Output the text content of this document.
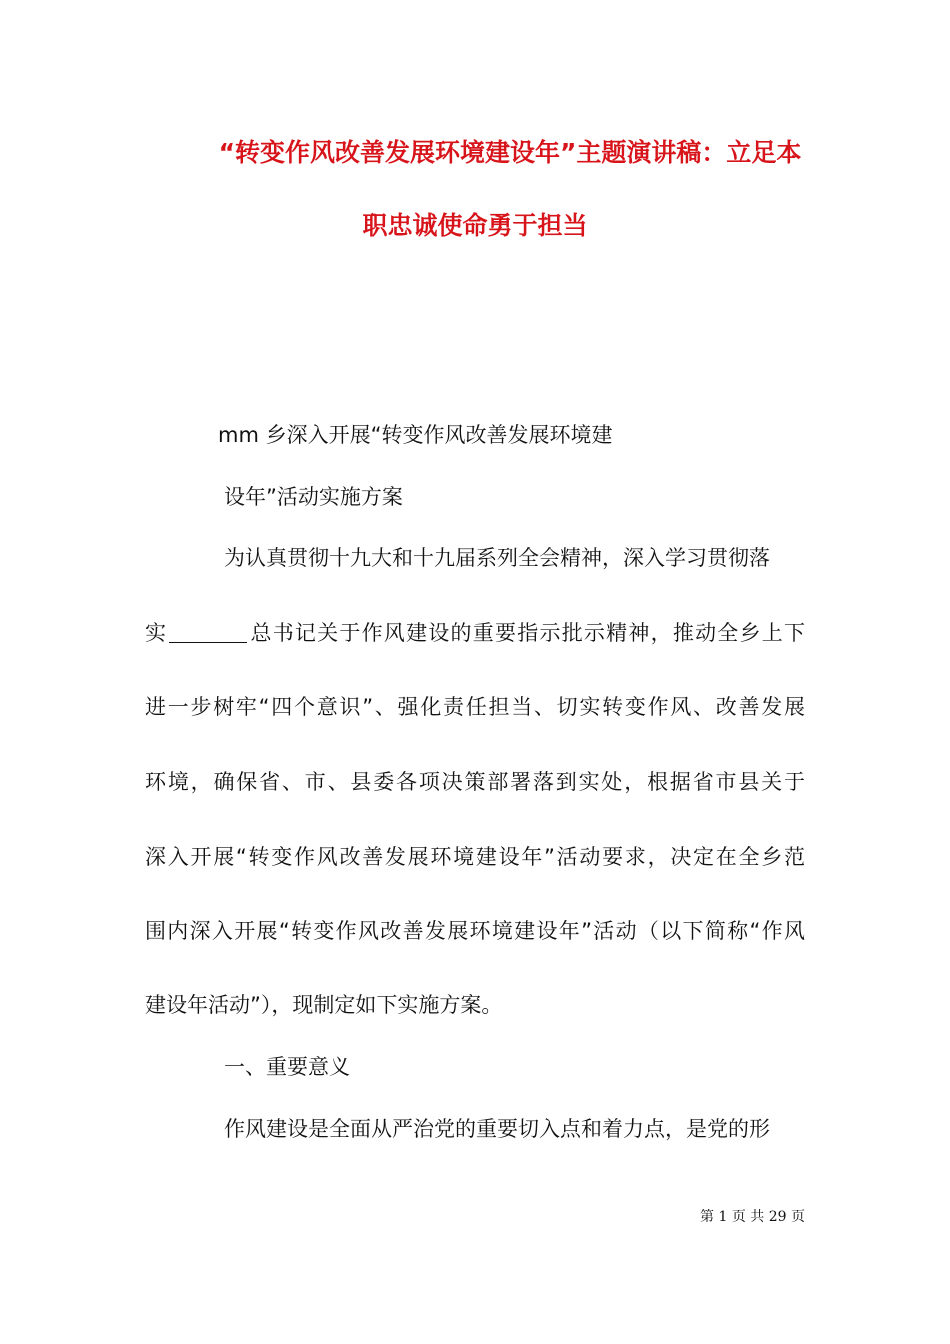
“转变作风改善发展环境建设年”主题演讲稿：立足本
职忠诚使命勇于担当
mm 乡深入开展“转变作风改善发展环境建
设年”活动实施方案
为认真贯彻十九大和十九届系列全会精神，深入学习贯彻落
实	总书记关于作风建设的重要指示批示精神，推动全乡上下
进一步树牢“四个意识”、强化责任担当、切实转变作风、改善发展
环境，确保省、市、县委各项决策部署落到实处，根据省市县关于
深入开展“转变作风改善发展环境建设年”活动要求，决定在全乡范
围内深入开展“转变作风改善发展环境建设年”活动（以下简称“作风
建设年活动”），现制定如下实施方案。
一、重要意义
作风建设是全面从严治党的重要切入点和着力点，是党的形
第 1 页 共 29 页
